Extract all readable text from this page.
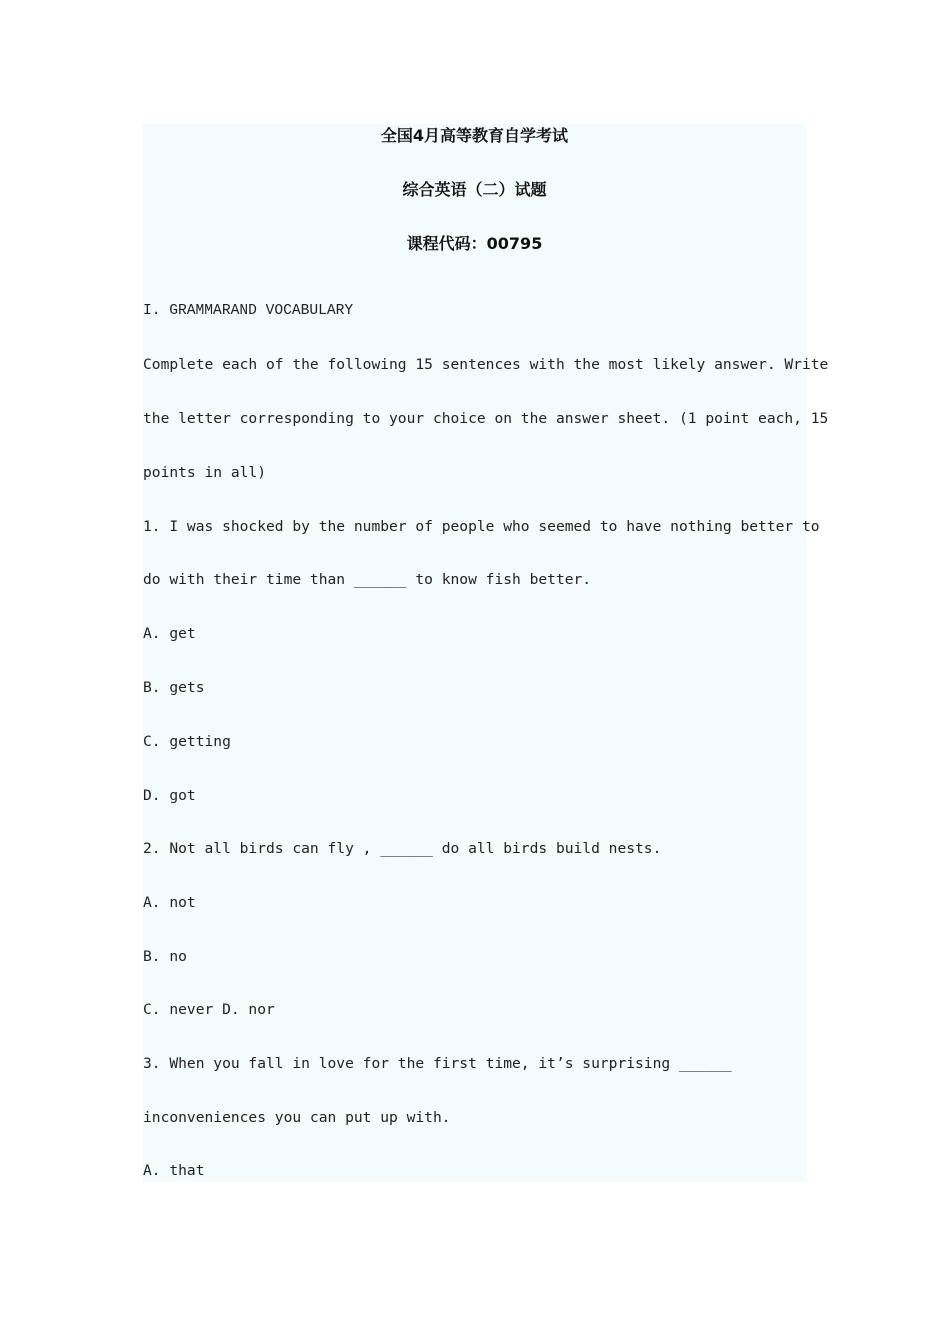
全国4月高等教育自学考试
综合英语（二）试题
课程代码：00795
I. GRAMMARAND VOCABULARY
Complete each of the following 15 sentences with the most likely answer. Write
the letter corresponding to your choice on the answer sheet. (1 point each, 15
points in all)
1. I was shocked by the number of people who seemed to have nothing better to
do with their time than ______ to know fish better.
A. get
B. gets
C. getting
D. got
2. Not all birds can fly , ______ do all birds build nests.
A. not
B. no
C. never D. nor
3. When you fall in love for the first time, it’s surprising ______
inconveniences you can put up with.
A. that
